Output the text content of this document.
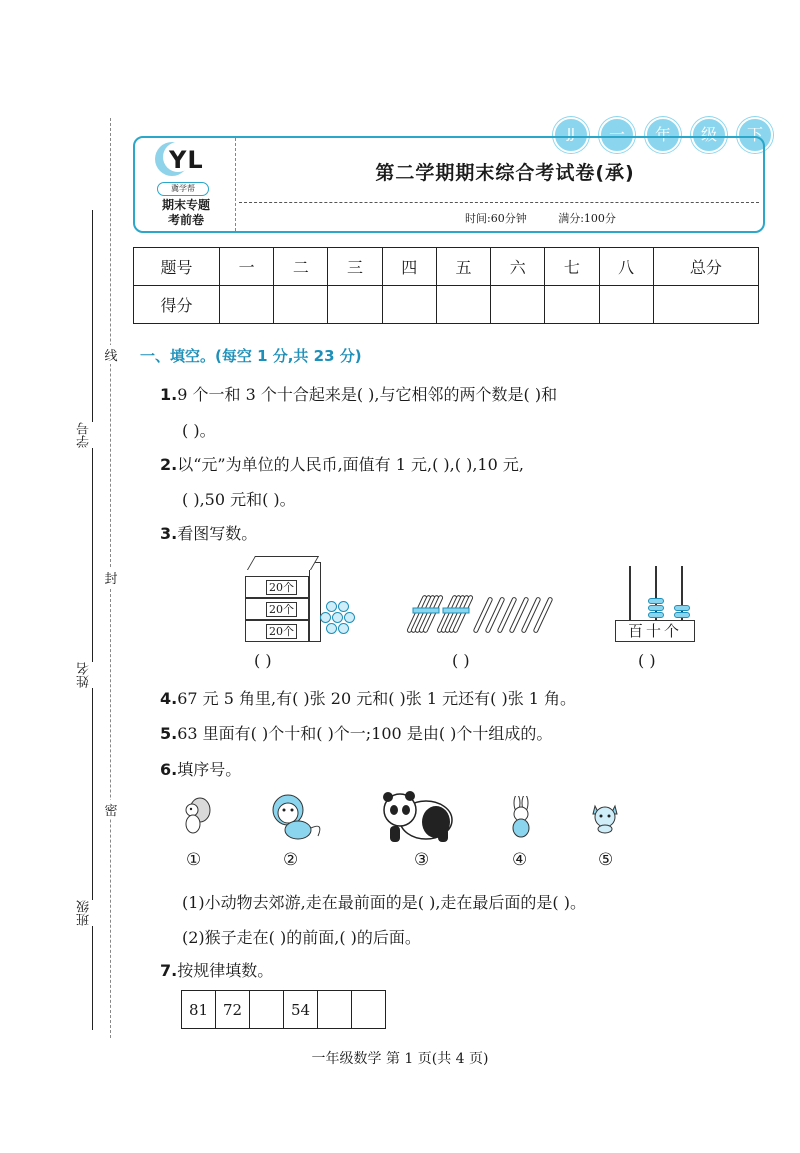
班级
姓名
学号
线
封
密
JJ	一	年	级	下
YL
冀学帮
期末专题
考前卷
第二学期期末综合考试卷(承)
时间:60分钟	满分:100分
题号	一	二	三	四	五	六	七	八	总分
得分									
一、填空。(每空 1 分,共 23 分)
1.9 个一和 3 个十合起来是( ),与它相邻的两个数是( )和
( )。
2.以“元”为单位的人民币,面值有 1 元,( ),( ),10 元,
( ),50 元和( )。
3.看图写数。
20个
20个
20个	百十个
( )	( )	( )
4.67 元 5 角里,有( )张 20 元和( )张 1 元还有( )张 1 角。
5.63 里面有( )个十和( )个一;100 是由( )个十组成的。
6.填序号。
①	②	③	④	⑤
(1)小动物去郊游,走在最前面的是( ),走在最后面的是( )。
(2)猴子走在( )的前面,( )的后面。
7.按规律填数。
81	72		54		
一年级数学 第 1 页(共 4 页)
